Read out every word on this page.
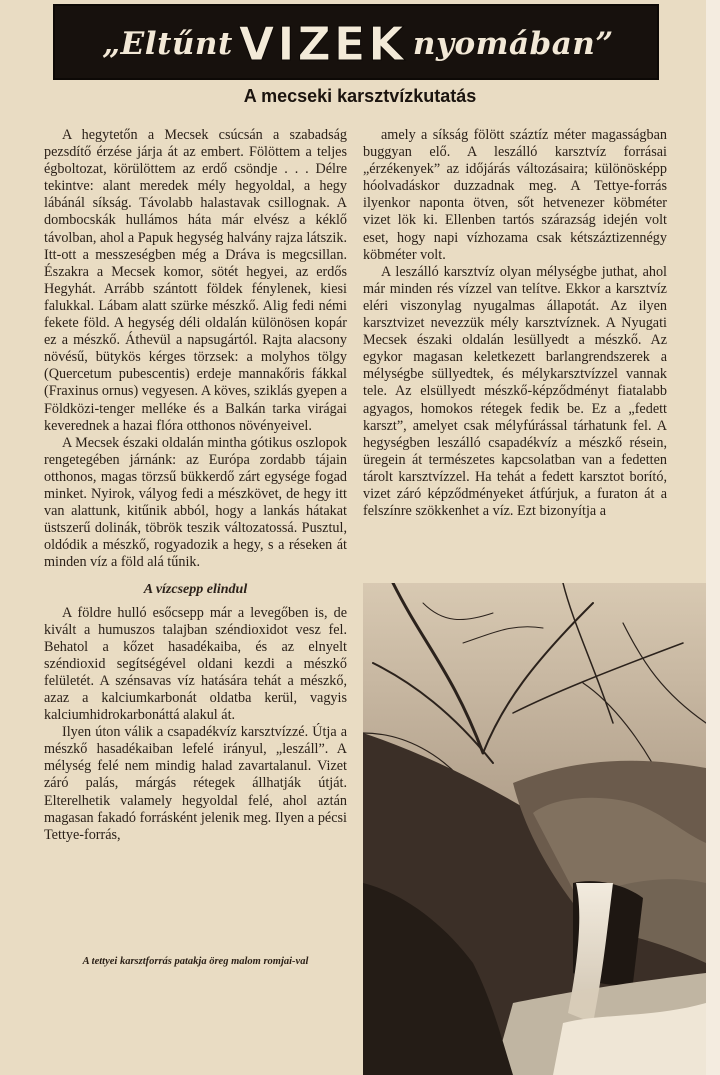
„Eltűnt VIZEK nyomában”
A mecseki karsztvízkutatás

A hegytetőn a Mecsek csúcsán a szabadság pezsdítő érzése járja át az embert. Fölöttem a teljes égboltozat, körülöttem az erdő csöndje . . . Délre tekintve: alant meredek mély hegyoldal, a hegy lábánál síkság. Távolabb halastavak csillognak. A dombocskák hullámos háta már elvész a kéklő távolban, ahol a Papuk hegység halvány rajza látszik. Itt-ott a messzeségben még a Dráva is megcsillan. Északra a Mecsek komor, sötét hegyei, az erdős Hegyhát. Arrább szántott földek fénylenek, kiesi falukkal. Lábam alatt szürke mészkő. Alig fedi némi fekete föld. A hegység déli oldalán különösen kopár ez a mészkő. Áthevül a napsugártól. Rajta alacsony növésű, bütykös kérges törzsek: a molyhos tölgy (Quercetum pubescentis) erdeje mannakőris fákkal (Fraxinus ornus) vegyesen. A köves, sziklás gyepen a Földközi-tenger melléke és a Balkán tarka virágai keverednek a hazai flóra otthonos növényeivel.

A Mecsek északi oldalán mintha gótikus oszlopok rengetegében járnánk: az Európa zordabb tájain otthonos, magas törzsű bükkerdő zárt egysége fogad minket. Nyirok, vályog fedi a mészkövet, de hegy itt van alattunk, kitűnik abból, hogy a lankás hátakat üstszerű dolinák, töbrök teszik változatossá. Pusztul, oldódik a mészkő, rogyadozik a hegy, s a réseken át minden víz a föld alá tűnik.

A vízcsepp elindul

A földre hulló esőcsepp már a levegőben is, de kivált a humuszos talajban széndioxidot vesz fel. Behatol a kőzet hasadékaiba, és az elnyelt széndioxid segítségével oldani kezdi a mészkő felületét. A szénsavas víz hatására tehát a mészkő, azaz a kalciumkarbonát oldatba kerül, vagyis kalciumhidrokarbonáttá alakul át.

Ilyen úton válik a csapadékvíz karsztvízzé. Útja a mészkő hasadékaiban lefelé irányul, „leszáll”. A mélység felé nem mindig halad zavartalanul. Vizet záró palás, márgás rétegek állhatják útját. Elterelhetik valamely hegyoldal felé, ahol aztán magasan fakadó forrásként jelenik meg. Ilyen a pécsi Tettye-forrás,

A tettyei karsztforrás patakja öreg malom romjai-val

amely a síkság fölött száztíz méter magasságban buggyan elő. A leszálló karsztvíz forrásai „érzékenyek” az időjárás változásaira; különösképp hóolvadáskor duzzadnak meg. A Tettye-forrás ilyenkor naponta ötven, sőt hetvenezer köbméter vizet lök ki. Ellenben tartós szárazság idején volt eset, hogy napi vízhozama csak kétszáztizennégy köbméter volt.

A leszálló karsztvíz olyan mélységbe juthat, ahol már minden rés vízzel van telítve. Ekkor a karsztvíz eléri viszonylag nyugalmas állapotát. Az ilyen karsztvizet nevezzük mély karsztvíznek. A Nyugati Mecsek északi oldalán lesüllyedt a mészkő. Az egykor magasan keletkezett barlangrendszerek a mélységbe süllyedtek, és mélykarsztvízzel vannak tele. Az elsüllyedt mészkő-képződményt fiatalabb agyagos, homokos rétegek fedik be. Ez a „fedett karszt”, amelyet csak mélyfúrással tárhatunk fel. A hegységben leszálló csapadékvíz a mészkő résein, üregein át természetes kapcsolatban van a fedetten tárolt karsztvízzel. Ha tehát a fedett karsztot borító, vizet záró képződményeket átfúrjuk, a furaton át a felszínre szökkenhet a víz. Ezt bizonyítja a
